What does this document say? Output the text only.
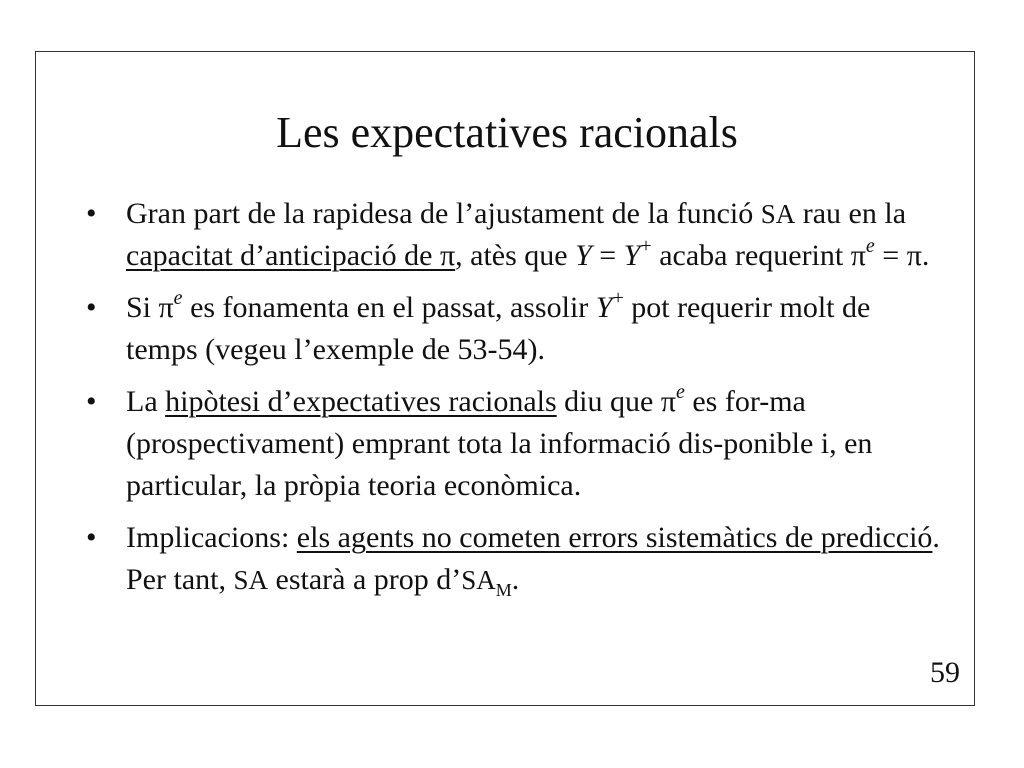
Les expectatives racionals
• Gran part de la rapidesa de l’ajustament de la funció SA rau en la capacitat d’anticipació de π, atès que Y = Y+ acaba requerint $\pi^e = \pi$.
• Si $\pi^e$ es fonamenta en el passat, assolir Y+ pot requerir molt de temps (vegeu l’exemple de 53-54).
• La hipòtesi d’expectatives racionals diu que $\pi^e$ es for-ma (prospectivament) emprant tota la informació dis-ponible i, en particular, la pròpia teoria econòmica.
• Implicacions: els agents no cometen errors sistemàtics de predicció. Per tant, SA estarà a prop $d’SA_M$.
59
